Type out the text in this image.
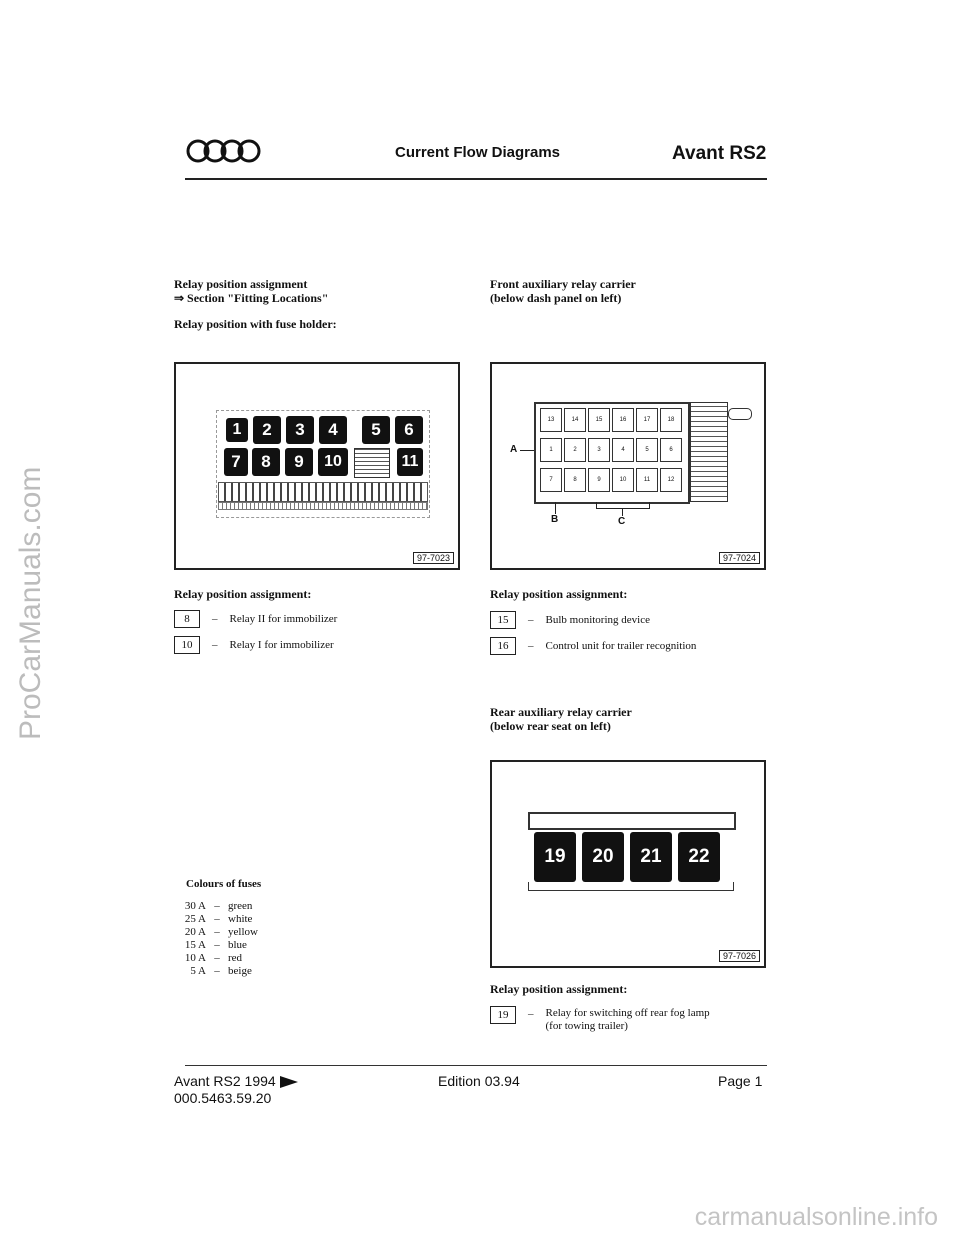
ProCarManuals.com
carmanualsonline.info
Current Flow Diagrams	Avant RS2
Relay position assignment
⇒ Section "Fitting Locations"
Relay position with fuse holder:
1	2	3	4	5	6
7	8	9	10	11
97-7023
Relay position assignment:
8	– Relay II for immobilizer
10	– Relay I for immobilizer
Colours of fuses
30 A – green
25 A – white
20 A – yellow
15 A – blue
10 A – red
5 A – beige
Front auxiliary relay carrier
(below dash panel on left)
13	14	15	16	17	18
1	2	3	4	5	6
7	8	9	10	11	12
A
B	C
97-7024
Relay position assignment:
15	– Bulb monitoring device
16	– Control unit for trailer recognition
Rear auxiliary relay carrier
(below rear seat on left)
19	20	21	22
97-7026
Relay position assignment:
19	– Relay for switching off rear fog lamp
(for towing trailer)
Avant RS2 1994
000.5463.59.20
Edition 03.94	Page 1
